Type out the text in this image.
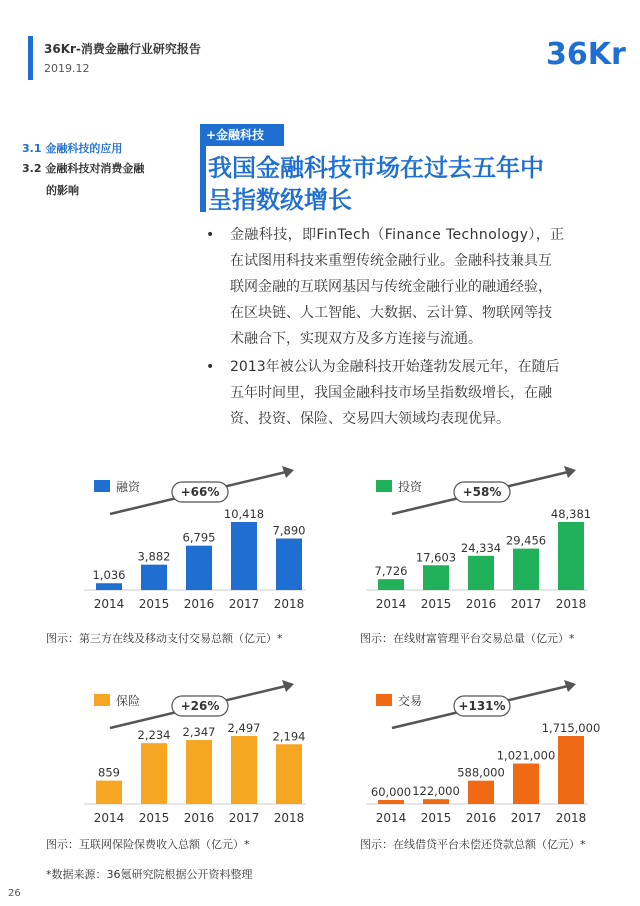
36Kr-消费金融行业研究报告
2019.12	36Kr
3.1 金融科技的应用
3.2 金融科技对消费金融
的影响
+金融科技
我国金融科技市场在过去五年中
呈指数级增长
• 金融科技，即FinTech（Finance Technology），正
在试图用科技来重塑传统金融行业。金融科技兼具互
联网金融的互联网基因与传统金融行业的融通经验，
在区块链、人工智能、大数据、云计算、物联网等技
术融合下，实现双方及多方连接与流通。
• 2013年被公认为金融科技开始蓬勃发展元年，在随后
五年时间里，我国金融科技市场呈指数级增长，在融
资、投资、保险、交易四大领域均表现优异。
融资	+66%
1,036
2014
3,882
2015
6,795
2016
10,418
2017
7,890
2018
投资	+58%
7,726
2014
17,603
2015
24,334
2016
29,456
2017
48,381
2018
保险	+26%
859
2014
2,234
2015
2,347
2016
2,497
2017
2,194
2018
交易	+131%
60,000
2014
122,000
2015
588,000
2016
1,021,000
2017
1,715,000
2018
图示：第三方在线及移动支付交易总额（亿元）*	图示：在线财富管理平台交易总量（亿元）*
图示：互联网保险保费收入总额（亿元）*	图示：在线借贷平台未偿还贷款总额（亿元）*
*数据来源：36氪研究院根据公开资料整理
26
